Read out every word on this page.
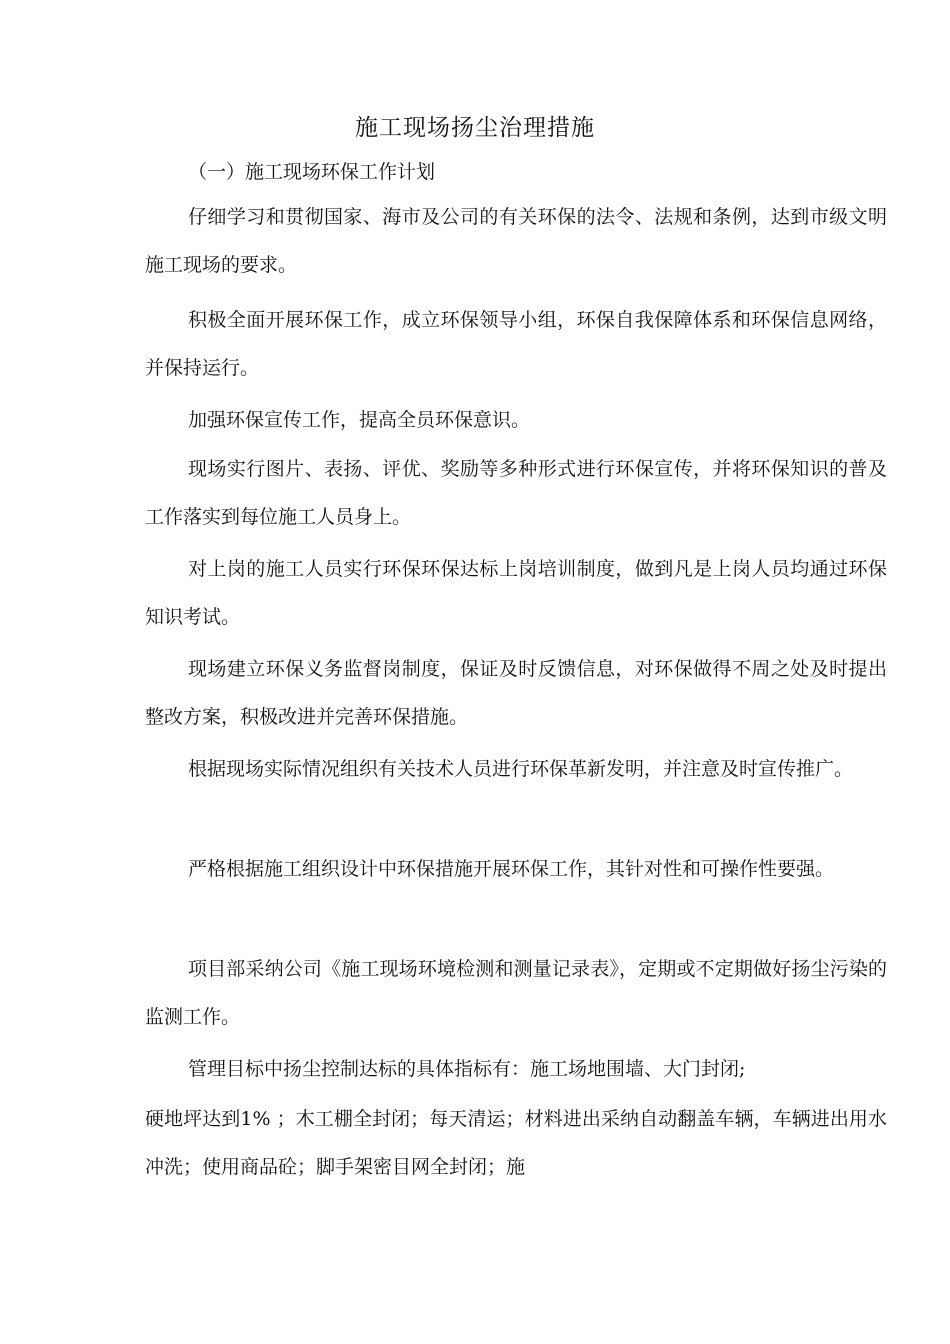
施工现场扬尘治理措施
（一）施工现场环保工作计划

仔细学习和贯彻国家、海市及公司的有关环保的法令、法规和条例，达到市级文明施工现场的要求。

积极全面开展环保工作，成立环保领导小组，环保自我保障体系和环保信息网络，并保持运行。

加强环保宣传工作，提高全员环保意识。

现场实行图片、表扬、评优、奖励等多种形式进行环保宣传，并将环保知识的普及工作落实到每位施工人员身上。

对上岗的施工人员实行环保环保达标上岗培训制度，做到凡是上岗人员均通过环保知识考试。

现场建立环保义务监督岗制度，保证及时反馈信息，对环保做得不周之处及时提出整改方案，积极改进并完善环保措施。

根据现场实际情况组织有关技术人员进行环保革新发明，并注意及时宣传推广。

严格根据施工组织设计中环保措施开展环保工作，其针对性和可操作性要强。

项目部采纳公司《施工现场环境检测和测量记录表》，定期或不定期做好扬尘污染的监测工作。

管理目标中扬尘控制达标的具体指标有：施工场地围墙、大门封闭;

硬地坪达到1% ；木工棚全封闭；每天清运；材料进出采纳自动翻盖车辆，车辆进出用水冲洗；使用商品砼；脚手架密目网全封闭；施
